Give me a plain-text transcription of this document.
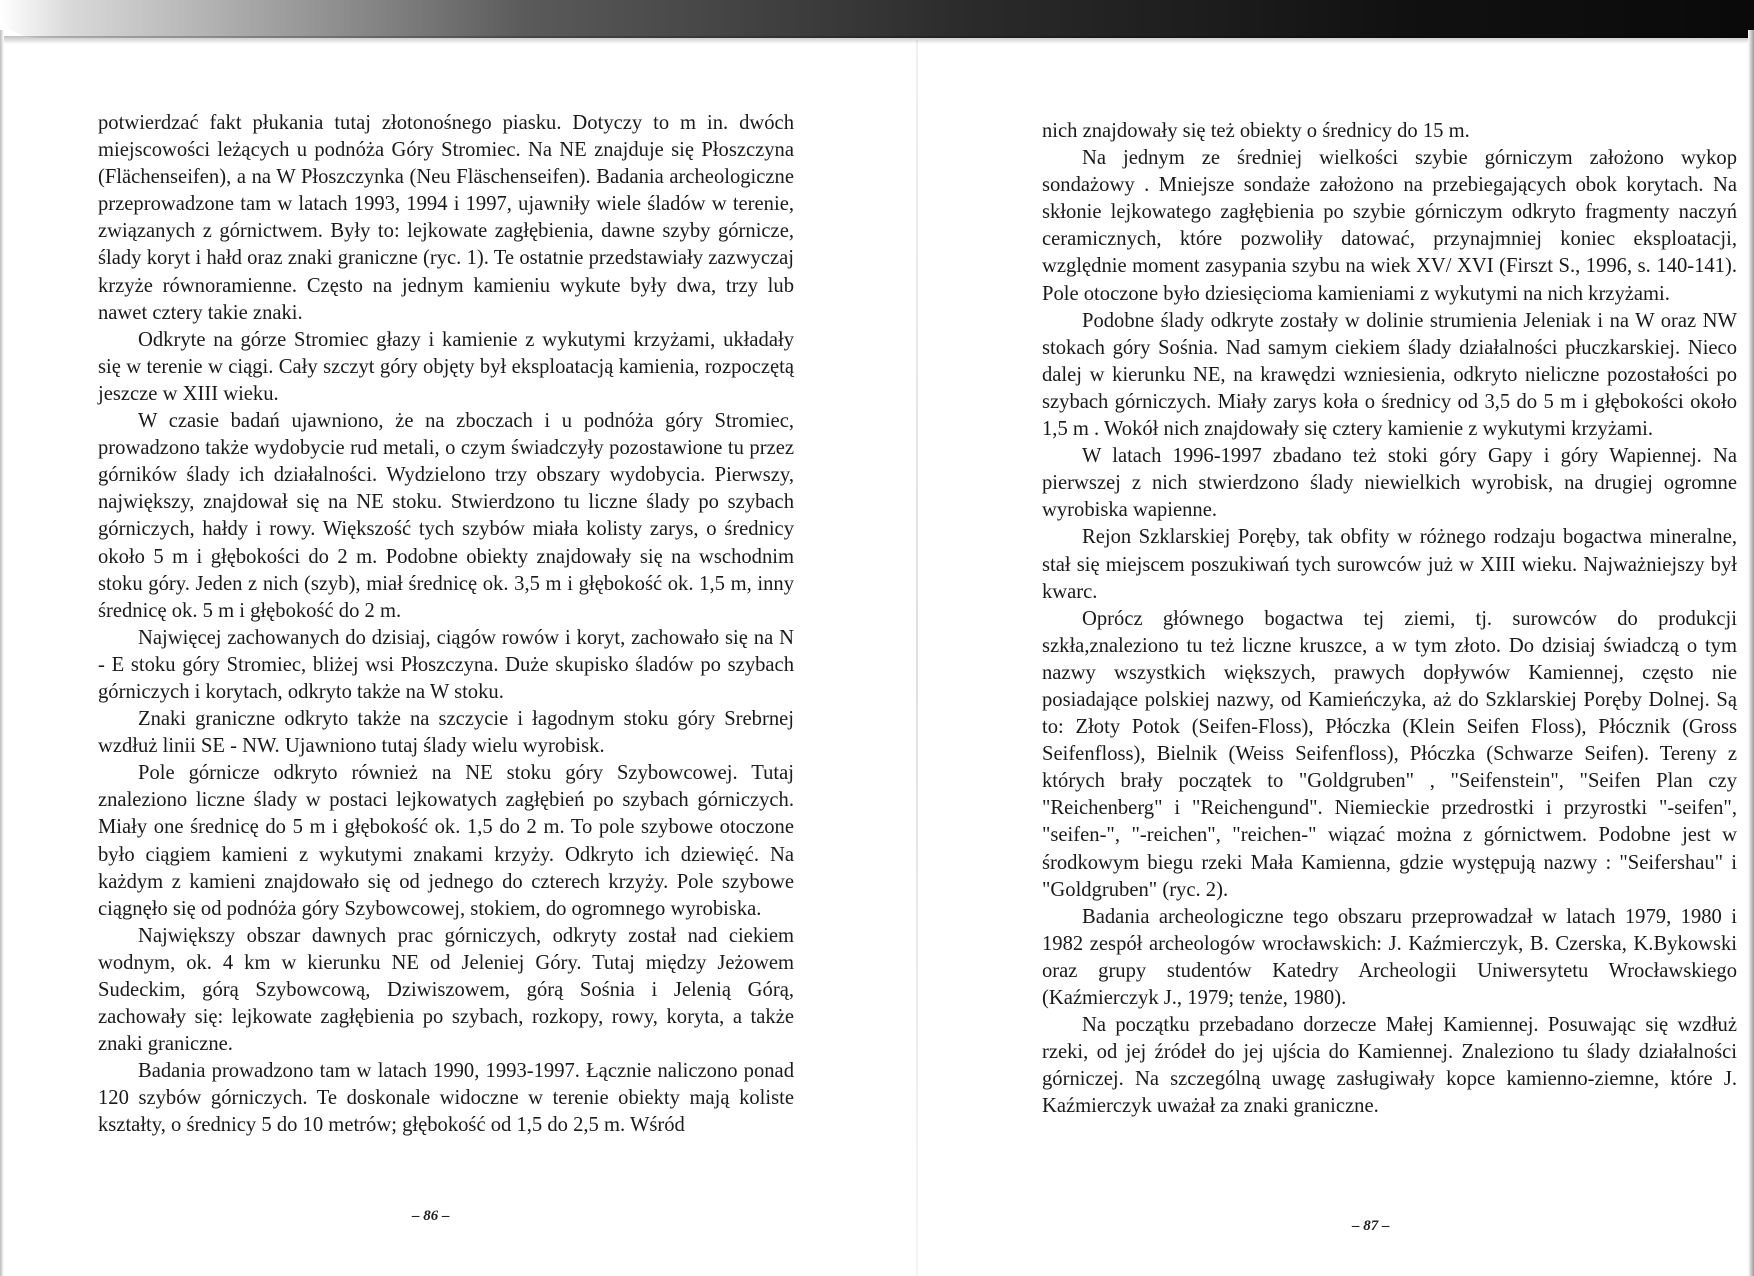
potwierdzać fakt płukania tutaj złotonośnego piasku. Dotyczy to m in. dwóch miejscowości leżących u podnóża Góry Stromiec. Na NE znajduje się Płoszczyna (Flächenseifen), a na W Płoszczynka (Neu Fläschenseifen). Badania archeologiczne przeprowadzone tam w latach 1993, 1994 i 1997, ujawniły wiele śladów w terenie, związanych z górnictwem. Były to: lejkowate zagłębienia, dawne szyby górnicze, ślady koryt i hałd oraz znaki graniczne (ryc. 1). Te ostatnie przedstawiały zazwyczaj krzyże równoramienne. Często na jednym kamieniu wykute były dwa, trzy lub nawet cztery takie znaki.

Odkryte na górze Stromiec głazy i kamienie z wykutymi krzyżami, układały się w terenie w ciągi. Cały szczyt góry objęty był eksploatacją kamienia, rozpoczętą jeszcze w XIII wieku.

W czasie badań ujawniono, że na zboczach i u podnóża góry Stromiec, prowadzono także wydobycie rud metali, o czym świadczyły pozostawione tu przez górników ślady ich działalności. Wydzielono trzy obszary wydobycia. Pierwszy, największy, znajdował się na NE stoku. Stwierdzono tu liczne ślady po szybach górniczych, hałdy i rowy. Większość tych szybów miała kolisty zarys, o średnicy około 5 m i głębokości do 2 m. Podobne obiekty znajdowały się na wschodnim stoku góry. Jeden z nich (szyb), miał średnicę ok. 3,5 m i głębokość ok. 1,5 m, inny średnicę ok. 5 m i głębokość do 2 m.

Najwięcej zachowanych do dzisiaj, ciągów rowów i koryt, zachowało się na N - E stoku góry Stromiec, bliżej wsi Płoszczyna. Duże skupisko śladów po szybach górniczych i korytach, odkryto także na W stoku.

Znaki graniczne odkryto także na szczycie i łagodnym stoku góry Srebrnej wzdłuż linii SE - NW. Ujawniono tutaj ślady wielu wyrobisk.

Pole górnicze odkryto również na NE stoku góry Szybowcowej. Tutaj znaleziono liczne ślady w postaci lejkowatych zagłębień po szybach górniczych. Miały one średnicę do 5 m i głębokość ok. 1,5 do 2 m. To pole szybowe otoczone było ciągiem kamieni z wykutymi znakami krzyży. Odkryto ich dziewięć. Na każdym z kamieni znajdowało się od jednego do czterech krzyży. Pole szybowe ciągnęło się od podnóża góry Szybowcowej, stokiem, do ogromnego wyrobiska.

Największy obszar dawnych prac górniczych, odkryty został nad ciekiem wodnym, ok. 4 km w kierunku NE od Jeleniej Góry. Tutaj między Jeżowem Sudeckim, górą Szybowcową, Dziwiszowem, górą Sośnia i Jelenią Górą, zachowały się: lejkowate zagłębienia po szybach, rozkopy, rowy, koryta, a także znaki graniczne.

Badania prowadzono tam w latach 1990, 1993-1997. Łącznie naliczono ponad 120 szybów górniczych. Te doskonale widoczne w terenie obiekty mają koliste kształty, o średnicy 5 do 10 metrów; głębokość od 1,5 do 2,5 m. Wśród

– 86 –

nich znajdowały się też obiekty o średnicy do 15 m.

Na jednym ze średniej wielkości szybie górniczym założono wykop sondażowy . Mniejsze sondaże założono na przebiegających obok korytach. Na skłonie lejkowatego zagłębienia po szybie górniczym odkryto fragmenty naczyń ceramicznych, które pozwoliły datować, przynajmniej koniec eksploatacji, względnie moment zasypania szybu na wiek XV/ XVI (Firszt S., 1996, s. 140-141). Pole otoczone było dziesięcioma kamieniami z wykutymi na nich krzyżami.

Podobne ślady odkryte zostały w dolinie strumienia Jeleniak i na W oraz NW stokach góry Sośnia. Nad samym ciekiem ślady działalności płuczkarskiej. Nieco dalej w kierunku NE, na krawędzi wzniesienia, odkryto nieliczne pozostałości po szybach górniczych. Miały zarys koła o średnicy od 3,5 do 5 m i głębokości około 1,5 m . Wokół nich znajdowały się cztery kamienie z wykutymi krzyżami.

W latach 1996-1997 zbadano też stoki góry Gapy i góry Wapiennej. Na pierwszej z nich stwierdzono ślady niewielkich wyrobisk, na drugiej ogromne wyrobiska wapienne.

Rejon Szklarskiej Poręby, tak obfity w różnego rodzaju bogactwa mineralne, stał się miejscem poszukiwań tych surowców już w XIII wieku. Najważniejszy był kwarc.

Oprócz głównego bogactwa tej ziemi, tj. surowców do produkcji szkła,znaleziono tu też liczne kruszce, a w tym złoto. Do dzisiaj świadczą o tym nazwy wszystkich większych, prawych dopływów Kamiennej, często nie posiadające polskiej nazwy, od Kamieńczyka, aż do Szklarskiej Poręby Dolnej. Są to: Złoty Potok (Seifen-Floss), Płóczka (Klein Seifen Floss), Płócznik (Gross Seifenfloss), Bielnik (Weiss Seifenfloss), Płóczka (Schwarze Seifen). Tereny z których brały początek to "Goldgruben" , "Seifenstein", "Seifen Plan czy "Reichenberg" i "Reichengund". Niemieckie przedrostki i przyrostki "-seifen", "seifen-", "-reichen", "reichen-" wiązać można z górnictwem. Podobne jest w środkowym biegu rzeki Mała Kamienna, gdzie występują nazwy : "Seifershau" i "Goldgruben" (ryc. 2).

Badania archeologiczne tego obszaru przeprowadzał w latach 1979, 1980 i 1982 zespół archeologów wrocławskich: J. Kaźmierczyk, B. Czerska, K.Bykowski oraz grupy studentów Katedry Archeologii Uniwersytetu Wrocławskiego (Kaźmierczyk J., 1979; tenże, 1980).

Na początku przebadano dorzecze Małej Kamiennej. Posuwając się wzdłuż rzeki, od jej źródeł do jej ujścia do Kamiennej. Znaleziono tu ślady działalności górniczej. Na szczególną uwagę zasługiwały kopce kamienno-ziemne, które J. Kaźmierczyk uważał za znaki graniczne.

– 87 –
